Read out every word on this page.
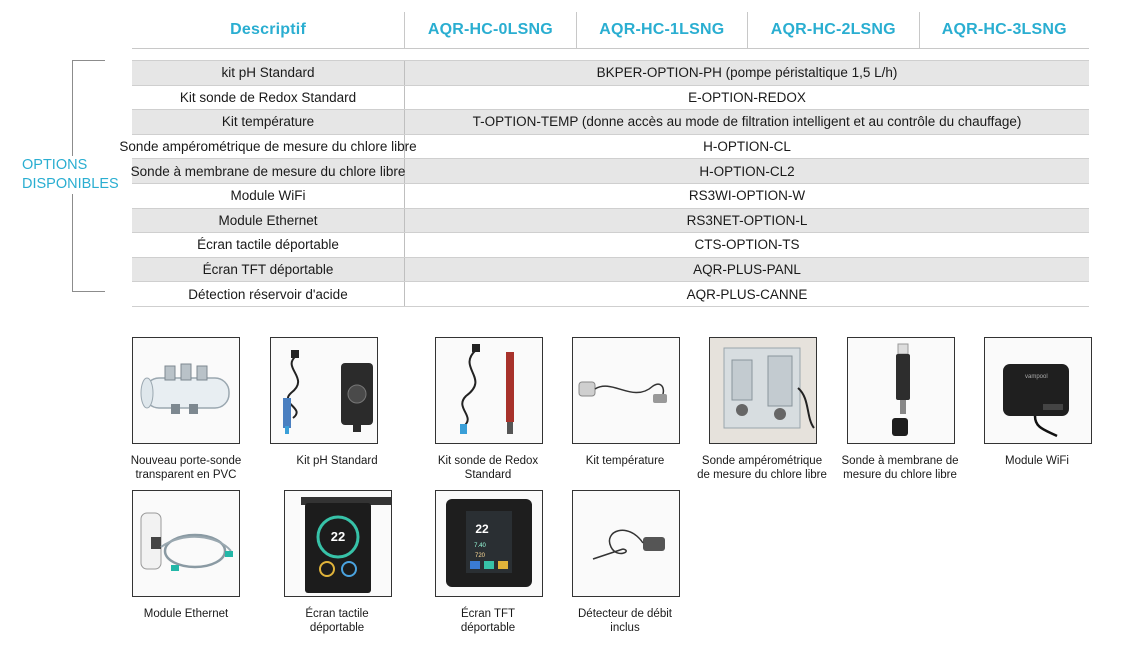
Descriptif	AQR-HC-0LSNG	AQR-HC-1LSNG	AQR-HC-2LSNG	AQR-HC-3LSNG
OPTIONS
DISPONIBLES
kit pH Standard	BKPER-OPTION-PH (pompe péristaltique 1,5 L/h)
Kit sonde de Redox Standard	E-OPTION-REDOX
Kit température	T-OPTION-TEMP (donne accès au mode de filtration intelligent et au contrôle du chauffage)
Sonde ampérométrique de mesure du chlore libre	H-OPTION-CL
Sonde à membrane de mesure du chlore libre	H-OPTION-CL2
Module WiFi	RS3WI-OPTION-W
Module Ethernet	RS3NET-OPTION-L
Écran tactile déportable	CTS-OPTION-TS
Écran TFT déportable	AQR-PLUS-PANL
Détection réservoir d'acide	AQR-PLUS-CANNE
Nouveau porte-sonde
transparent en PVC
Kit pH Standard	Kit sonde de Redox
Standard
Kit température	Sonde ampérométrique
de mesure du chlore libre
Sonde à membrane de
mesure du chlore libre
vampool
Module WiFi
Module Ethernet
22
Écran tactile
déportable
22
7.40
720
Écran TFT
déportable
Détecteur de débit
inclus
